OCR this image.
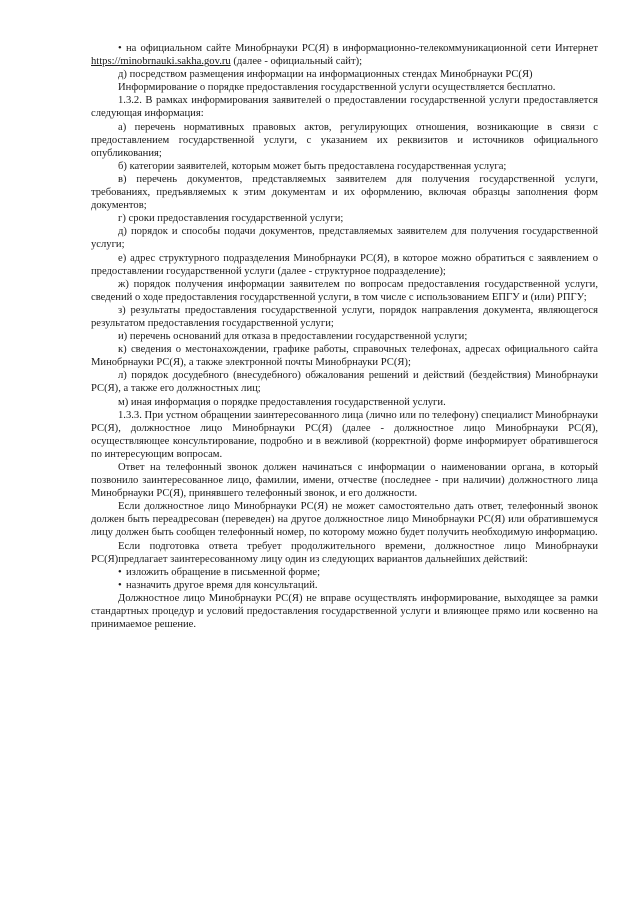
• на официальном сайте Минобрнауки РС(Я) в информационно-телекоммуникационной сети Интернет https://minobrnauki.sakha.gov.ru (далее - официальный сайт);

д) посредством размещения информации на информационных стендах Минобрнауки РС(Я)

Информирование о порядке предоставления государственной услуги осуществляется бесплатно.

1.3.2. В рамках информирования заявителей о предоставлении государственной услуги предоставляется следующая информация:

а) перечень нормативных правовых актов, регулирующих отношения, возникающие в связи с предоставлением государственной услуги, с указанием их реквизитов и источников официального опубликования;

б) категории заявителей, которым может быть предоставлена государственная услуга;

в) перечень документов, представляемых заявителем для получения государственной услуги, требованиях, предъявляемых к этим документам и их оформлению, включая образцы заполнения форм документов;

г) сроки предоставления государственной услуги;

д) порядок и способы подачи документов, представляемых заявителем для получения государственной услуги;

е) адрес структурного подразделения Минобрнауки РС(Я), в которое можно обратиться с заявлением о предоставлении государственной услуги (далее - структурное подразделение);

ж) порядок получения информации заявителем по вопросам предоставления государственной услуги, сведений о ходе предоставления государственной услуги, в том числе с использованием ЕПГУ и (или) РПГУ;

з) результаты предоставления государственной услуги, порядок направления документа, являющегося результатом предоставления государственной услуги;

и) перечень оснований для отказа в предоставлении государственной услуги;

к) сведения о местонахождении, графике работы, справочных телефонах, адресах официального сайта Минобрнауки РС(Я), а также электронной почты Минобрнауки РС(Я);

л) порядок досудебного (внесудебного) обжалования решений и действий (бездействия) Минобрнауки РС(Я), а также его должностных лиц;

м) иная информация о порядке предоставления государственной услуги.

1.3.3. При устном обращении заинтересованного лица (лично или по телефону) специалист Минобрнауки РС(Я), должностное лицо Минобрнауки РС(Я) (далее - должностное лицо Минобрнауки РС(Я), осуществляющее консультирование, подробно и в вежливой (корректной) форме информирует обратившегося по интересующим вопросам.

Ответ на телефонный звонок должен начинаться с информации о наименовании органа, в который позвонило заинтересованное лицо, фамилии, имени, отчестве (последнее - при наличии) должностного лица Минобрнауки РС(Я), принявшего телефонный звонок, и его должности.

Если должностное лицо Минобрнауки РС(Я) не может самостоятельно дать ответ, телефонный звонок должен быть переадресован (переведен) на другое должностное лицо Минобрнауки РС(Я) или обратившемуся лицу должен быть сообщен телефонный номер, по которому можно будет получить необходимую информацию.

Если подготовка ответа требует продолжительного времени, должностное лицо Минобрнауки РС(Я)предлагает заинтересованному лицу один из следующих вариантов дальнейших действий:

• изложить обращение в письменной форме;

• назначить другое время для консультаций.

Должностное лицо Минобрнауки РС(Я) не вправе осуществлять информирование, выходящее за рамки стандартных процедур и условий предоставления государственной услуги и влияющее прямо или косвенно на принимаемое решение.
